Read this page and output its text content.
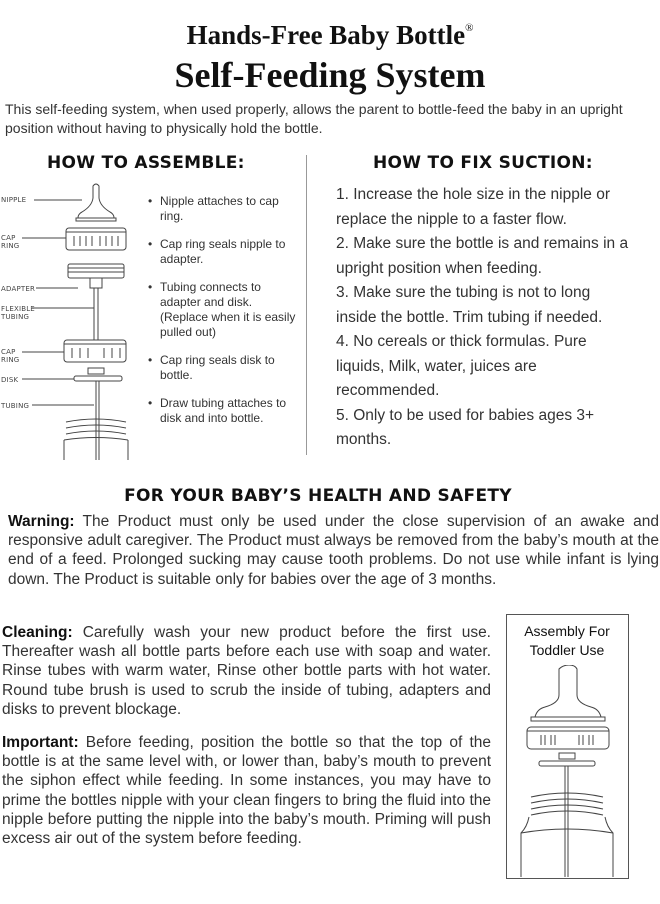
Hands-Free Baby Bottle®
Self-Feeding System
This self-feeding system, when used properly, allows the parent to bottle-feed the baby in an upright position without having to physically hold the bottle.
HOW TO ASSEMBLE:
NIPPLE
CAP
RING
ADAPTER
FLEXIBLE
TUBING
CAP
RING
DISK
TUBING
• Nipple attaches to cap ring.
• Cap ring seals nipple to adapter.
• Tubing connects to adapter and disk. (Replace when it is easily pulled out)
• Cap ring seals disk to bottle.
• Draw tubing attaches to disk and into bottle.
HOW TO FIX SUCTION:
1. Increase the hole size in the nipple or replace the nipple to a faster flow.
2. Make sure the bottle is and remains in a upright position when feeding.
3. Make sure the tubing is not to long inside the bottle. Trim tubing if needed.
4. No cereals or thick formulas. Pure liquids, Milk, water, juices are recommended.
5. Only to be used for babies ages 3+ months.
FOR YOUR BABY’S HEALTH AND SAFETY
Warning: The Product must only be used under the close supervision of an awake and responsive adult caregiver. The Product must always be removed from the baby’s mouth at the end of a feed. Prolonged sucking may cause tooth problems. Do not use while infant is lying down. The Product is suitable only for babies over the age of 3 months.
Cleaning: Carefully wash your new product before the first use. Thereafter wash all bottle parts before each use with soap and water. Rinse tubes with warm water, Rinse other bottle parts with hot water. Round tube brush is used to scrub the inside of tubing, adapters and disks to prevent blockage.
Important: Before feeding, position the bottle so that the top of the bottle is at the same level with, or lower than, baby’s mouth to prevent the siphon effect while feeding. In some instances, you may have to prime the bottles nipple with your clean fingers to bring the fluid into the nipple before putting the nipple into the baby’s mouth. Priming will push excess air out of the system before feeding.
Assembly For Toddler Use
